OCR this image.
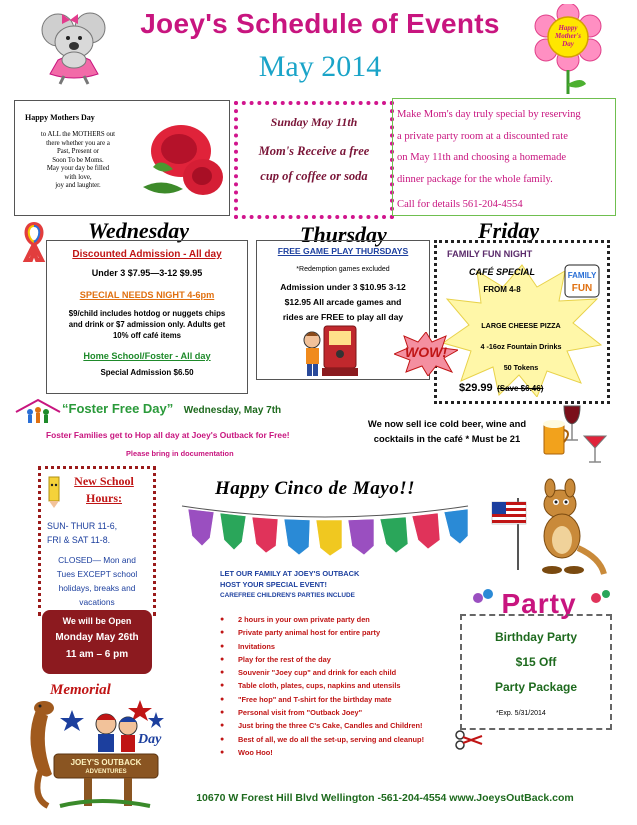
Joey's Schedule of Events
May 2014
Happy
Mother's
Day
Happy Mothers Day
to ALL the MOTHERS out
there whether you are a
Past, Present or
Soon To be Moms.
May your day be filled
with love,
joy and laughter.
Sunday May 11th
Mom's Receive a free
cup of coffee or soda
Make Mom's day truly special by reserving
a private party room at a discounted rate
on May 11th and choosing a homemade
dinner package for the whole family.
Call for details 561-204-4554
Wednesday
Discounted Admission - All day
Under 3 $7.95—3-12 $9.95
SPECIAL NEEDS NIGHT 4-6pm
$9/child includes hotdog or nuggets chips
and drink or $7 admission only. Adults get
10% off café items
Home School/Foster - All day
Special Admission $6.50
Thursday
FREE GAME PLAY THURSDAYS
*Redemption games excluded
Admission under 3 $10.95 3-12
$12.95 All arcade games and
rides are FREE to play all day
Friday
FAMILY FUN NIGHT
CAFÉ SPECIAL
FROM 4-8
LARGE CHEESE PIZZA
4 -16oz Fountain Drinks
50 Tokens
$29.99 (Save $6.46)
FAMILY
FUN
WOW!
“Foster Free Day” Wednesday, May 7th
Foster Families get to Hop all day at Joey's Outback for Free!
Please bring in documentation
We now sell ice cold beer, wine and
cocktails in the café * Must be 21
New School
Hours:
SUN- THUR 11-6,
FRI & SAT 11-8.
CLOSED— Mon and
Tues EXCEPT school
holidays, breaks and
vacations
We will be Open
Monday May 26th
11 am – 6 pm
Memorial
Day
JOEY'S OUTBACK
ADVENTURES
Happy Cinco de Mayo!!
LET OUR FAMILY AT JOEY'S OUTBACK
HOST YOUR SPECIAL EVENT!
CAREFREE CHILDREN'S PARTIES INCLUDE
● 2 hours in your own private party den
● Private party animal host for entire party
● Invitations
● Play for the rest of the day
● Souvenir "Joey cup" and drink for each child
● Table cloth, plates, cups, napkins and utensils
● "Free hop" and T-shirt for the birthday mate
● Personal visit from "Outback Joey"
● Just bring the three C's Cake, Candles and Children!
● Best of all, we do all the set-up, serving and cleanup!
● Woo Hoo!
Party
Birthday Party
$15 Off
Party Package
*Exp. 5/31/2014
10670 W Forest Hill Blvd Wellington -561-204-4554 www.JoeysOutBack.com
